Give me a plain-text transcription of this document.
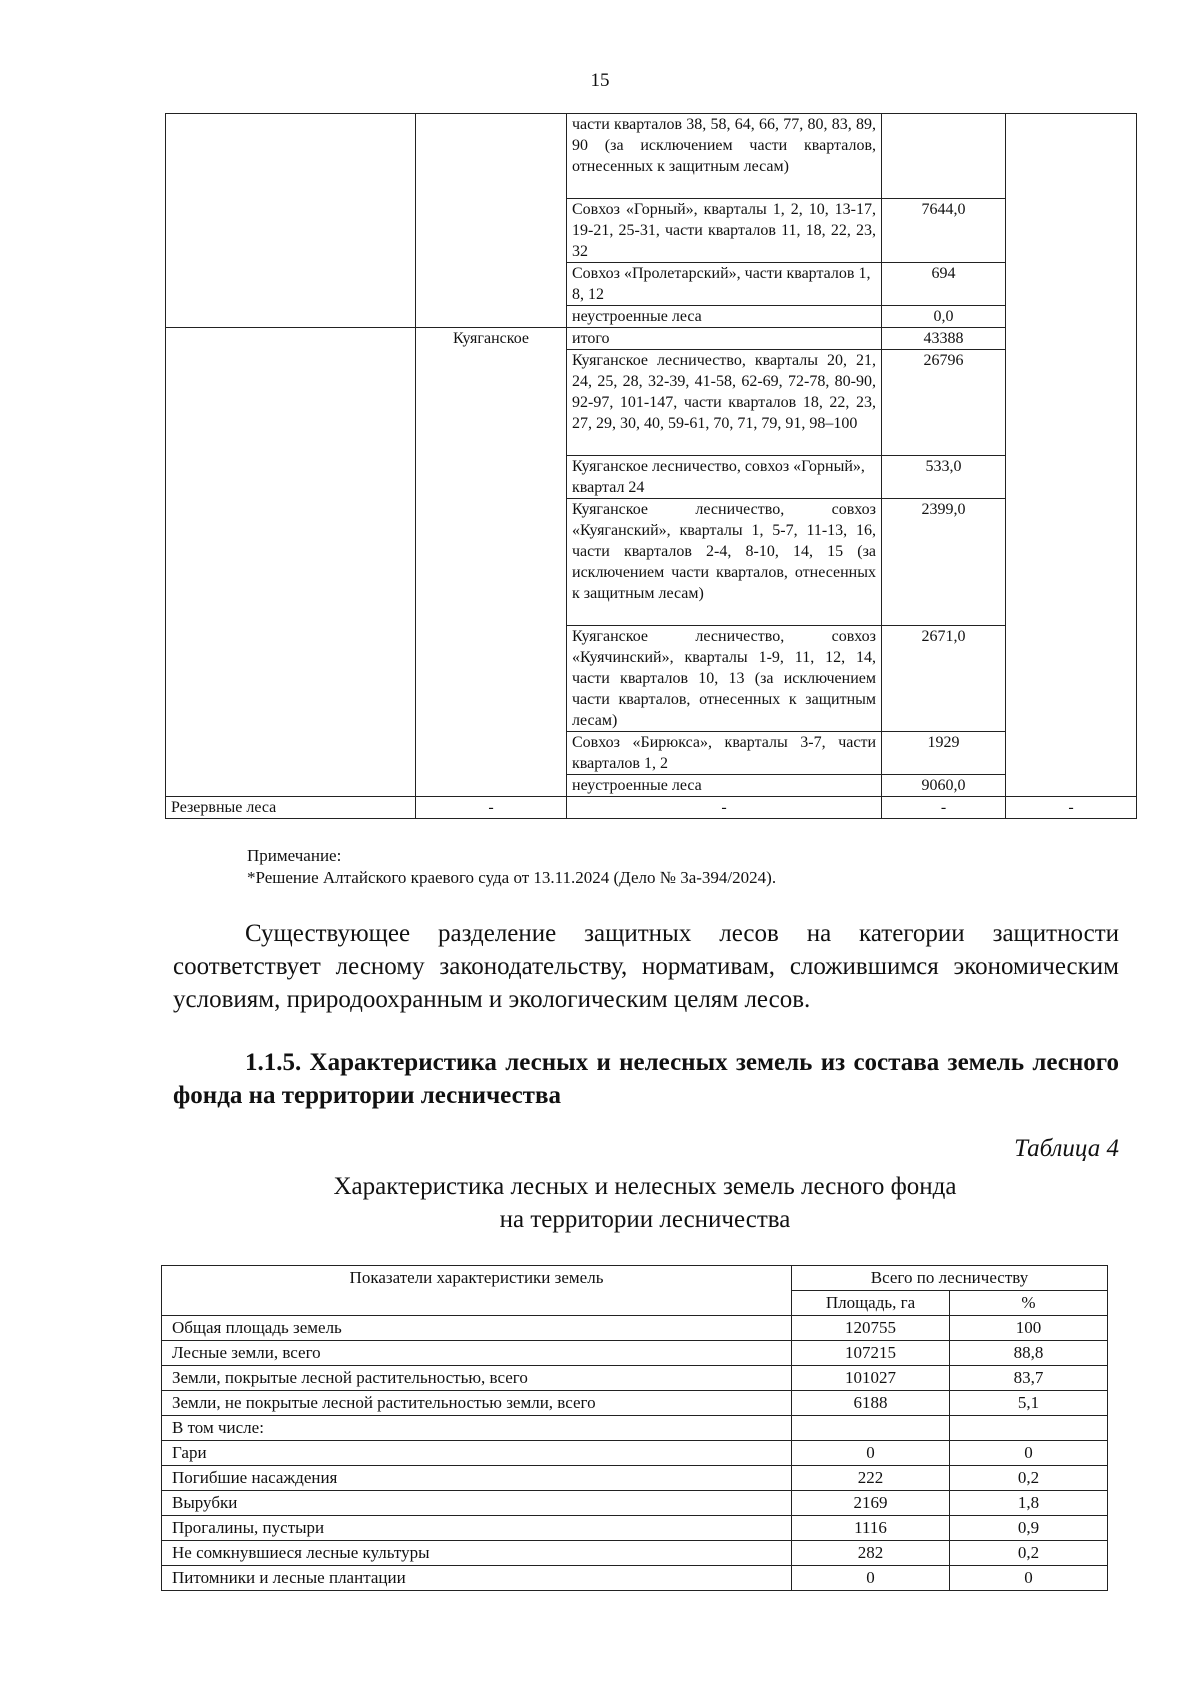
15
		части кварталов 38, 58, 64, 66, 77, 80, 83, 89, 90 (за исключением части кварталов, отнесенных к защитным лесам)		
		Совхоз «Горный», кварталы 1, 2, 10, 13-17, 19-21, 25-31, части кварталов 11, 18, 22, 23, 32	7644,0	
		Совхоз «Пролетарский», части кварталов 1, 8, 12	694	
		неустроенные леса	0,0	
	Куяганское	итого	43388	
		Куяганское лесничество, кварталы 20, 21, 24, 25, 28, 32-39, 41-58, 62-69, 72-78, 80-90, 92-97, 101-147, части кварталов 18, 22, 23, 27, 29, 30, 40, 59-61, 70, 71, 79, 91, 98–100	26796	
		Куяганское лесничество, совхоз «Горный», квартал 24	533,0	
		Куяганское лесничество, совхоз «Куяганский», кварталы 1, 5-7, 11-13, 16, части кварталов 2-4, 8-10, 14, 15 (за исключением части кварталов, отнесенных к защитным лесам)	2399,0	
		Куяганское лесничество, совхоз «Куячинский», кварталы 1-9, 11, 12, 14, части кварталов 10, 13 (за исключением части кварталов, отнесенных к защитным лесам)	2671,0	
		Совхоз «Бирюкса», кварталы 3-7, части кварталов 1, 2	1929	
		неустроенные леса	9060,0	
Резервные леса	-	-	-	-
Примечание:
*Решение Алтайского краевого суда от 13.11.2024 (Дело № 3а-394/2024).
Существующее разделение защитных лесов на категории защитности соответствует лесному законодательству, нормативам, сложившимся экономическим условиям, природоохранным и экологическим целям лесов.
1.1.5. Характеристика лесных и нелесных земель из состава земель лесного фонда на территории лесничества
Таблица 4
Характеристика лесных и нелесных земель лесного фонда
на территории лесничества
Показатели характеристики земель	Всего по лесничеству	
	Площадь, га	%
Общая площадь земель	120755	100
Лесные земли, всего	107215	88,8
Земли, покрытые лесной растительностью, всего	101027	83,7
Земли, не покрытые лесной растительностью земли, всего	6188	5,1
В том числе:		
Гари	0	0
Погибшие насаждения	222	0,2
Вырубки	2169	1,8
Прогалины, пустыри	1116	0,9
Не сомкнувшиеся лесные культуры	282	0,2
Питомники и лесные плантации	0	0
